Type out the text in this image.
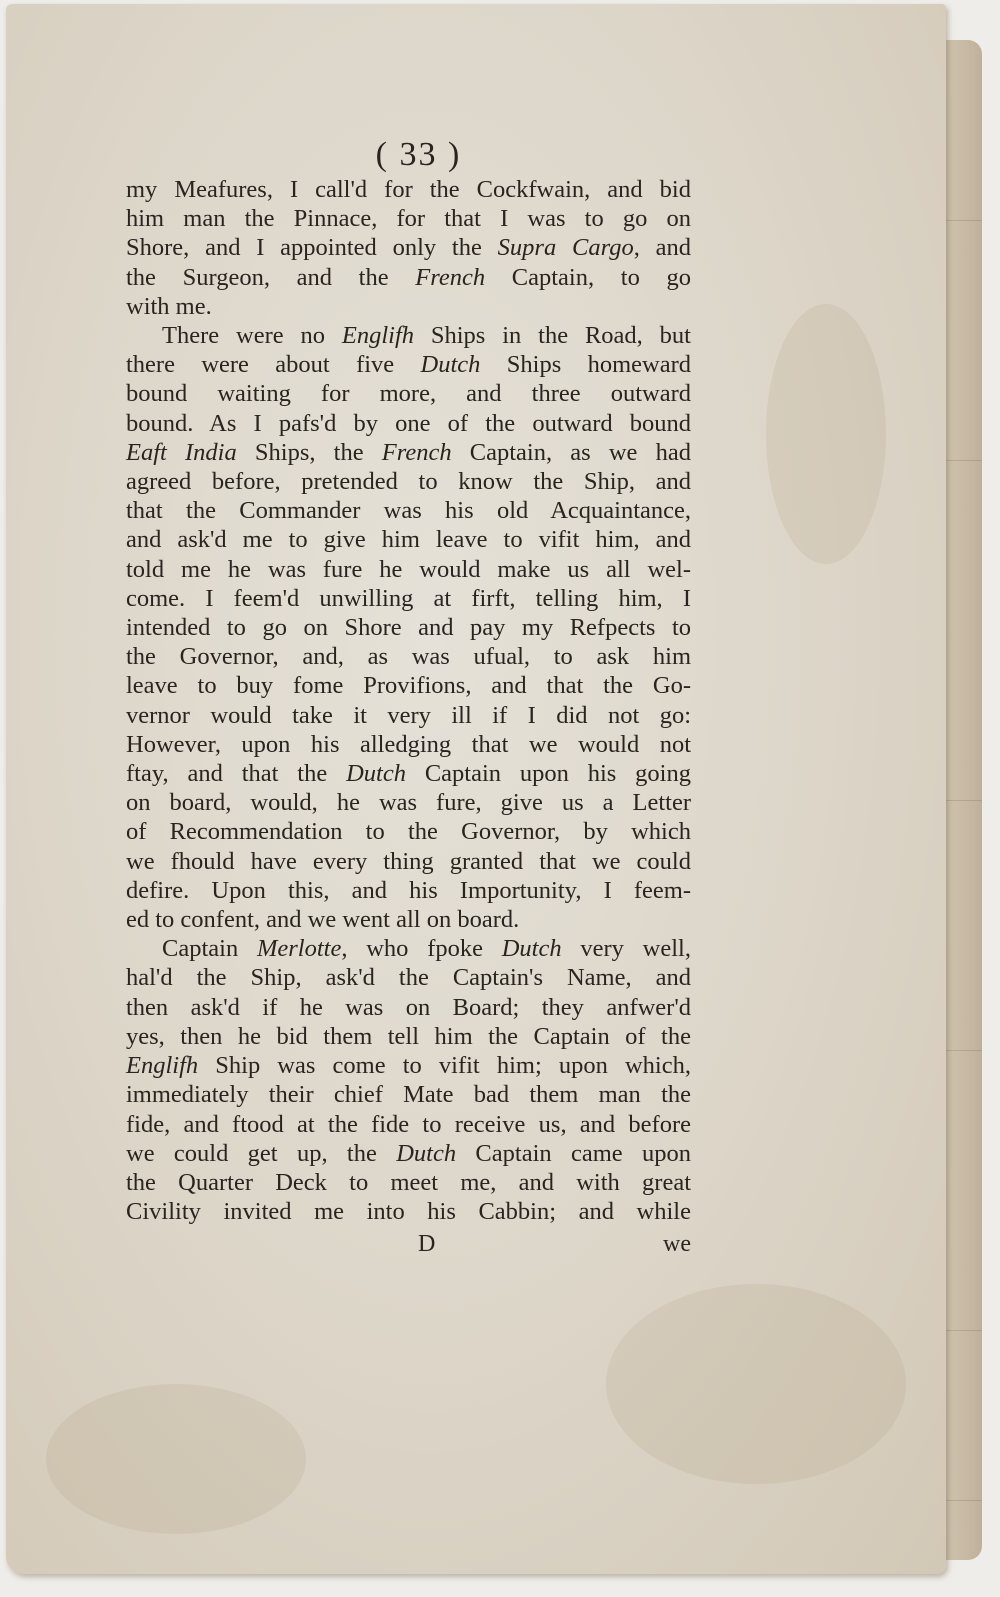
( 33 )
my Meafures, I call'd for the Cockfwain, and bid
him man the Pinnace, for that I was to go on
Shore, and I appointed only the Supra Cargo, and
the Surgeon, and the French Captain, to go
with me.
There were no Englifh Ships in the Road, but
there were about five Dutch Ships homeward
bound waiting for more, and three outward
bound. As I pafs'd by one of the outward bound
Eaft India Ships, the French Captain, as we had
agreed before, pretended to know the Ship, and
that the Commander was his old Acquaintance,
and ask'd me to give him leave to vifit him, and
told me he was fure he would make us all wel-
come. I feem'd unwilling at firft, telling him, I
intended to go on Shore and pay my Refpects to
the Governor, and, as was ufual, to ask him
leave to buy fome Provifions, and that the Go-
vernor would take it very ill if I did not go:
However, upon his alledging that we would not
ftay, and that the Dutch Captain upon his going
on board, would, he was fure, give us a Letter
of Recommendation to the Governor, by which
we fhould have every thing granted that we could
defire. Upon this, and his Importunity, I feem-
ed to confent, and we went all on board.
Captain Merlotte, who fpoke Dutch very well,
hal'd the Ship, ask'd the Captain's Name, and
then ask'd if he was on Board; they anfwer'd
yes, then he bid them tell him the Captain of the
Englifh Ship was come to vifit him; upon which,
immediately their chief Mate bad them man the
fide, and ftood at the fide to receive us, and before
we could get up, the Dutch Captain came upon
the Quarter Deck to meet me, and with great
Civility invited me into his Cabbin; and while
D	we
